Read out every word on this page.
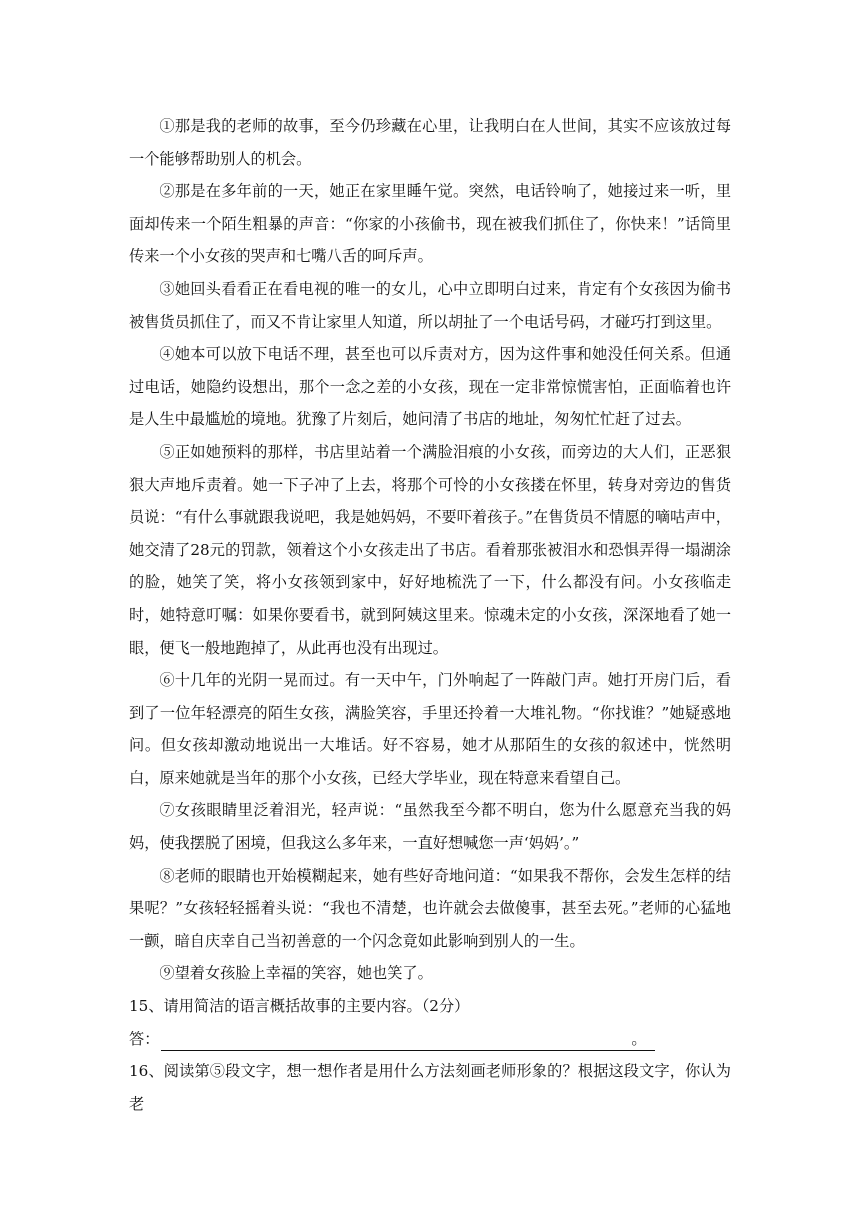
①那是我的老师的故事，至今仍珍藏在心里，让我明白在人世间，其实不应该放过每一个能够帮助别人的机会。

②那是在多年前的一天，她正在家里睡午觉。突然，电话铃响了，她接过来一听，里面却传来一个陌生粗暴的声音：“你家的小孩偷书，现在被我们抓住了，你快来！”话筒里传来一个小女孩的哭声和七嘴八舌的呵斥声。

③她回头看看正在看电视的唯一的女儿，心中立即明白过来，肯定有个女孩因为偷书被售货员抓住了，而又不肯让家里人知道，所以胡扯了一个电话号码，才碰巧打到这里。

④她本可以放下电话不理，甚至也可以斥责对方，因为这件事和她没任何关系。但通过电话，她隐约设想出，那个一念之差的小女孩，现在一定非常惊慌害怕，正面临着也许是人生中最尴尬的境地。犹豫了片刻后，她问清了书店的地址，匆匆忙忙赶了过去。

⑤正如她预料的那样，书店里站着一个满脸泪痕的小女孩，而旁边的大人们，正恶狠狠大声地斥责着。她一下子冲了上去，将那个可怜的小女孩搂在怀里，转身对旁边的售货员说：“有什么事就跟我说吧，我是她妈妈，不要吓着孩子。”在售货员不情愿的嘀咕声中，她交清了28元的罚款，领着这个小女孩走出了书店。看着那张被泪水和恐惧弄得一塌湖涂的脸，她笑了笑，将小女孩领到家中，好好地梳洗了一下，什么都没有问。小女孩临走时，她特意叮嘱：如果你要看书，就到阿姨这里来。惊魂未定的小女孩，深深地看了她一眼，便飞一般地跑掉了，从此再也没有出现过。

⑥十几年的光阴一晃而过。有一天中午，门外响起了一阵敲门声。她打开房门后，看到了一位年轻漂亮的陌生女孩，满脸笑容，手里还拎着一大堆礼物。“你找谁？”她疑惑地问。但女孩却激动地说出一大堆话。好不容易，她才从那陌生的女孩的叙述中，恍然明白，原来她就是当年的那个小女孩，已经大学毕业，现在特意来看望自己。

⑦女孩眼睛里泛着泪光，轻声说：“虽然我至今都不明白，您为什么愿意充当我的妈妈，使我摆脱了困境，但我这么多年来，一直好想喊您一声‘妈妈’。”

⑧老师的眼睛也开始模糊起来，她有些好奇地问道：“如果我不帮你，会发生怎样的结果呢？”女孩轻轻摇着头说：“我也不清楚，也许就会去做傻事，甚至去死。”老师的心猛地一颤，暗自庆幸自己当初善意的一个闪念竟如此影响到别人的一生。

⑨望着女孩脸上幸福的笑容，她也笑了。

15、请用简洁的语言概括故事的主要内容。（2分）

答：	。

16、阅读第⑤段文字，想一想作者是用什么方法刻画老师形象的？根据这段文字，你认为老
